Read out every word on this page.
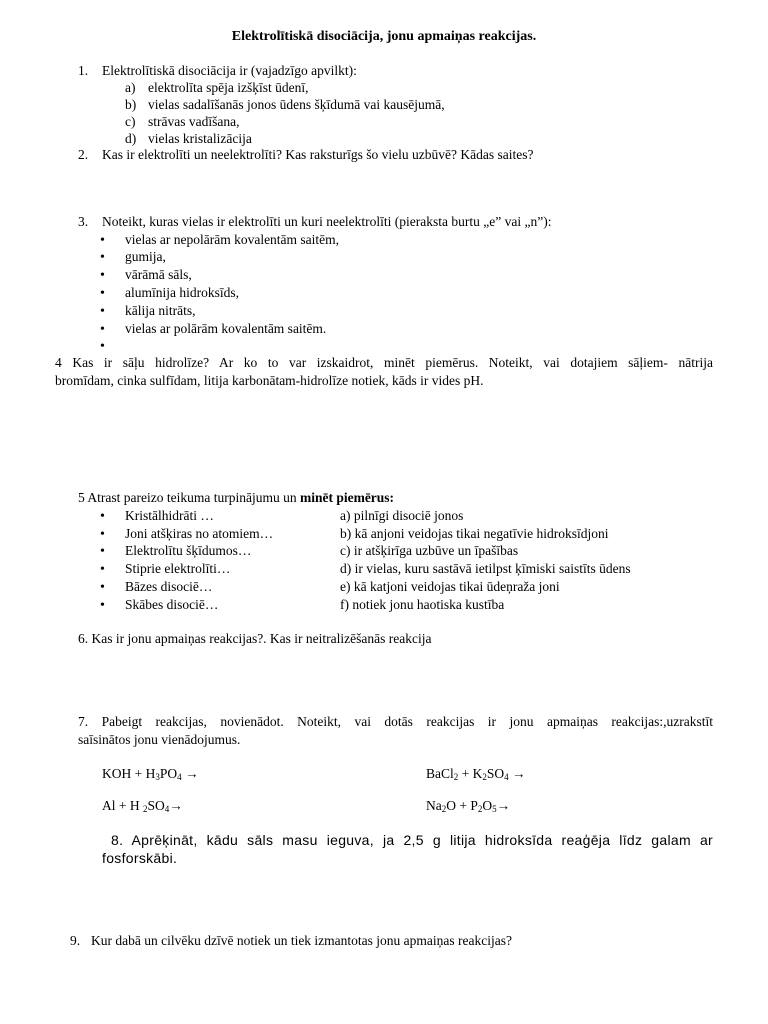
Elektrolītiskā disociācija, jonu apmaiņas reakcijas.
1. Elektrolītiskā disociācija ir (vajadzīgo apvilkt):
a) elektrolīta spēja izšķīst ūdenī,
b) vielas sadalīšanās jonos ūdens šķīdumā vai kausējumā,
c) strāvas vadīšana,
d) vielas kristalizācija
2. Kas ir elektrolīti un neelektrolīti? Kas raksturīgs šo vielu uzbūvē? Kādas saites?
3. Noteikt, kuras vielas ir elektrolīti un kuri neelektrolīti (pieraksta burtu „e” vai „n”):
•
vielas ar nepolārām kovalentām saitēm,
•
gumija,
•
vārāmā sāls,
•
alumīnija hidroksīds,
•
kālija nitrāts,
•
vielas ar polārām kovalentām saitēm.
•
4 Kas ir sāļu hidrolīze? Ar ko to var izskaidrot, minēt piemērus. Noteikt, vai dotajiem sāļiem- nātrija
bromīdam, cinka sulfīdam, litija karbonātam-hidrolīze notiek, kāds ir vides pH.
5 Atrast pareizo teikuma turpinājumu un minēt piemērus:
•
Kristālhidrāti …	a) pilnīgi disociē jonos
•
Joni atšķiras no atomiem…	b) kā anjoni veidojas tikai negatīvie hidroksīdjoni
•
Elektrolītu šķīdumos…	c) ir atšķirīga uzbūve un īpašības
•
Stiprie elektrolīti…	d) ir vielas, kuru sastāvā ietilpst ķīmiski saistīts ūdens
•
Bāzes disociē…	e) kā katjoni veidojas tikai ūdeņraža joni
•
Skābes disociē…	f) notiek jonu haotiska kustība
6. Kas ir jonu apmaiņas reakcijas?. Kas ir neitralizēšanās reakcija
7. Pabeigt reakcijas, novienādot. Noteikt, vai dotās reakcijas ir jonu apmaiņas reakcijas:,uzrakstīt
saīsinātos jonu vienādojumus.
KOH + $H_3PO_4$ →	BaCl$_2$ + $K_2SO_4$ →
Al + H $_2SO_4\to$	$Na_2O + P_2O_5\to$
8. Aprēķināt, kādu sāls masu ieguva, ja 2,5 g litija hidroksīda reaģēja līdz galam ar
fosforskābi.
9. Kur dabā un cilvēku dzīvē notiek un tiek izmantotas jonu apmaiņas reakcijas?
